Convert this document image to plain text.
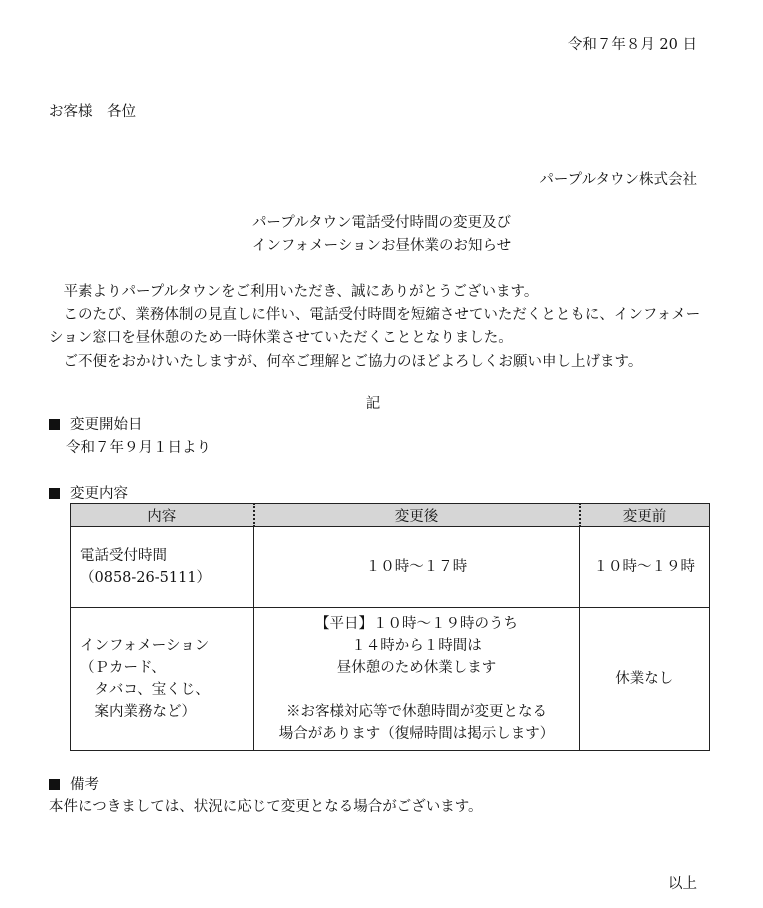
令和７年８月 20 日
お客様　各位
パープルタウン株式会社
パープルタウン電話受付時間の変更及び
インフォメーションお昼休業のお知らせ

　平素よりパープルタウンをご利用いただき、誠にありがとうございます。

　このたび、業務体制の見直しに伴い、電話受付時間を短縮させていただくとともに、インフォメーション窓口を昼休憩のため一時休業させていただくこととなりました。

　ご不便をおかけいたしますが、何卒ご理解とご協力のほどよろしくお願い申し上げます。

記
変更開始日
令和７年９月１日より
変更内容
内容	変更後	変更前

電話受付時間
（0858-26-5111）	１０時～１７時	１０時～１９時

インフォメーション
（Ｐカード、
　タバコ、宝くじ、
　案内業務など）	【平日】１０時～１９時のうち
１４時から１時間は
昼休憩のため休業します

※お客様対応等で休憩時間が変更となる
場合があります（復帰時間は掲示します）	休業なし
備考
本件につきましては、状況に応じて変更となる場合がございます。
以上
